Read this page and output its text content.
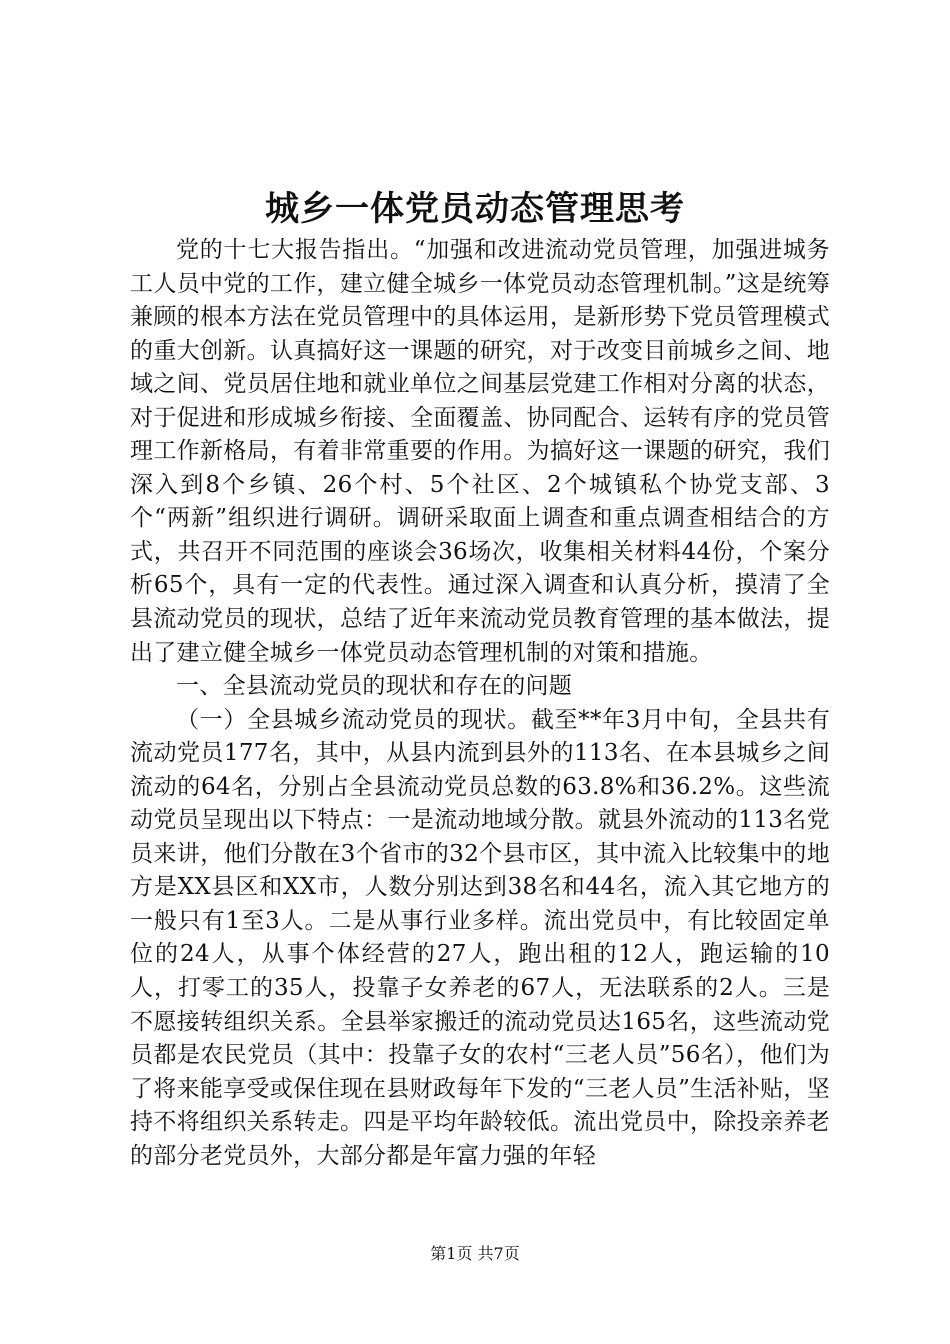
城乡一体党员动态管理思考

党的十七大报告指出。“加强和改进流动党员管理，加强进城务工人员中党的工作，建立健全城乡一体党员动态管理机制。”这是统筹兼顾的根本方法在党员管理中的具体运用，是新形势下党员管理模式的重大创新。认真搞好这一课题的研究，对于改变目前城乡之间、地域之间、党员居住地和就业单位之间基层党建工作相对分离的状态，对于促进和形成城乡衔接、全面覆盖、协同配合、运转有序的党员管理工作新格局，有着非常重要的作用。为搞好这一课题的研究，我们深入到8个乡镇、26个村、5个社区、2个城镇私个协党支部、3个“两新”组织进行调研。调研采取面上调查和重点调查相结合的方式，共召开不同范围的座谈会36场次，收集相关材料44份，个案分析65个，具有一定的代表性。通过深入调查和认真分析，摸清了全县流动党员的现状，总结了近年来流动党员教育管理的基本做法，提出了建立健全城乡一体党员动态管理机制的对策和措施。

一、全县流动党员的现状和存在的问题

（一）全县城乡流动党员的现状。截至**年3月中旬，全县共有流动党员177名，其中，从县内流到县外的113名、在本县城乡之间流动的64名，分别占全县流动党员总数的63.8%和36.2%。这些流动党员呈现出以下特点：一是流动地域分散。就县外流动的113名党员来讲，他们分散在3个省市的32个县市区，其中流入比较集中的地方是XX县区和XX市，人数分别达到38名和44名，流入其它地方的一般只有1至3人。二是从事行业多样。流出党员中，有比较固定单位的24人，从事个体经营的27人，跑出租的12人，跑运输的10人，打零工的35人，投靠子女养老的67人，无法联系的2人。三是不愿接转组织关系。全县举家搬迁的流动党员达165名，这些流动党员都是农民党员（其中：投靠子女的农村“三老人员”56名），他们为了将来能享受或保住现在县财政每年下发的“三老人员”生活补贴，坚持不将组织关系转走。四是平均年龄较低。流出党员中，除投亲养老的部分老党员外，大部分都是年富力强的年轻

第1页 共7页
